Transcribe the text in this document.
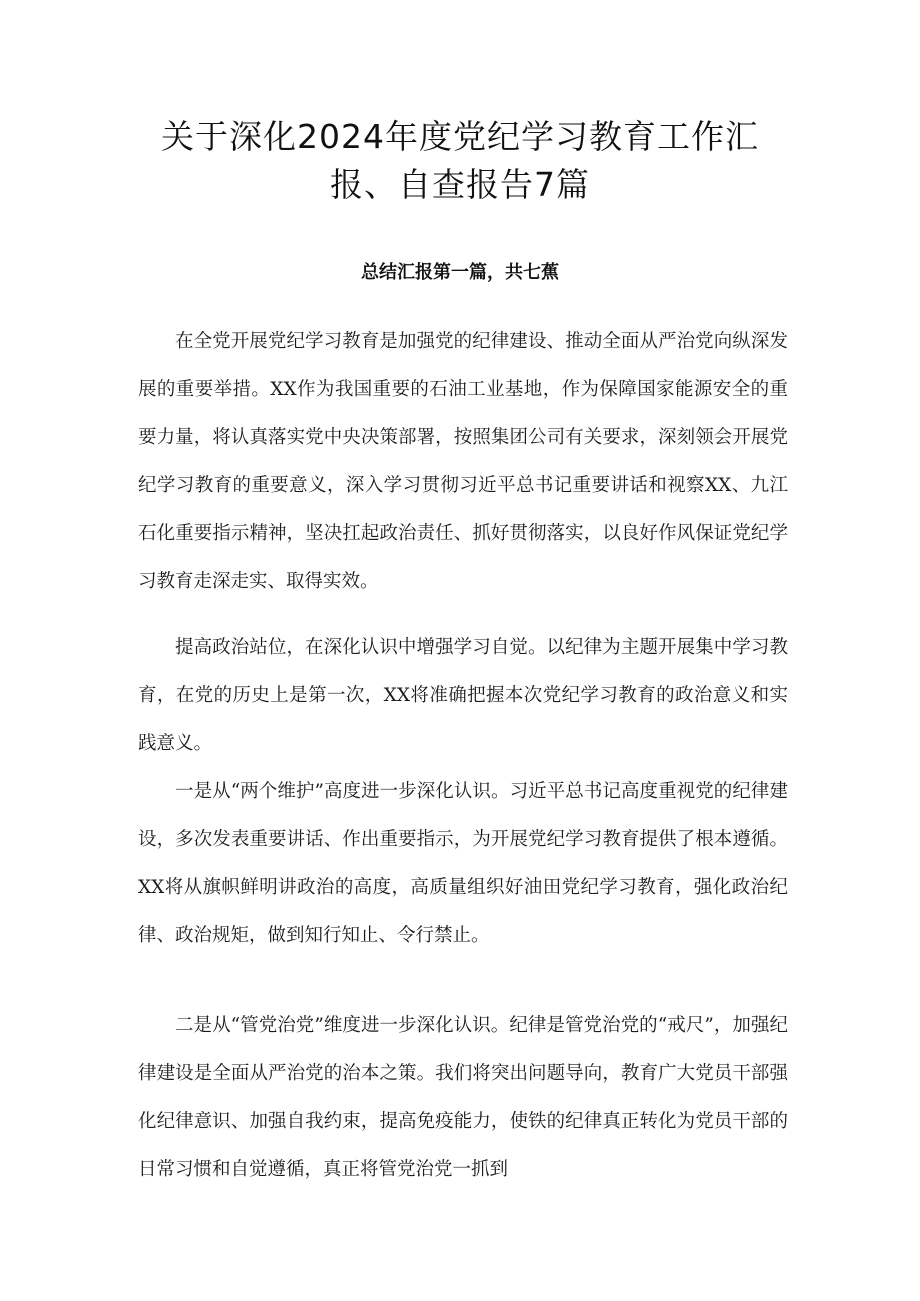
关于深化2024年度党纪学习教育工作汇
报、自查报告7篇
总结汇报第一篇，共七蕉

在全党开展党纪学习教育是加强党的纪律建设、推动全面从严治党向纵深发展的重要举措。XX作为我国重要的石油工业基地，作为保障国家能源安全的重要力量，将认真落实党中央决策部署，按照集团公司有关要求，深刻领会开展党纪学习教育的重要意义，深入学习贯彻习近平总书记重要讲话和视察XX、九江石化重要指示精神，坚决扛起政治责任、抓好贯彻落实，以良好作风保证党纪学习教育走深走实、取得实效。

提高政治站位，在深化认识中增强学习自觉。以纪律为主题开展集中学习教育，在党的历史上是第一次，XX将准确把握本次党纪学习教育的政治意义和实践意义。

一是从“两个维护”高度进一步深化认识。习近平总书记高度重视党的纪律建设，多次发表重要讲话、作出重要指示，为开展党纪学习教育提供了根本遵循。XX将从旗帜鲜明讲政治的高度，高质量组织好油田党纪学习教育，强化政治纪律、政治规矩，做到知行知止、令行禁止。

二是从“管党治党”维度进一步深化认识。纪律是管党治党的“戒尺”，加强纪律建设是全面从严治党的治本之策。我们将突出问题导向，教育广大党员干部强化纪律意识、加强自我约束，提高免疫能力，使铁的纪律真正转化为党员干部的日常习惯和自觉遵循，真正将管党治党一抓到
